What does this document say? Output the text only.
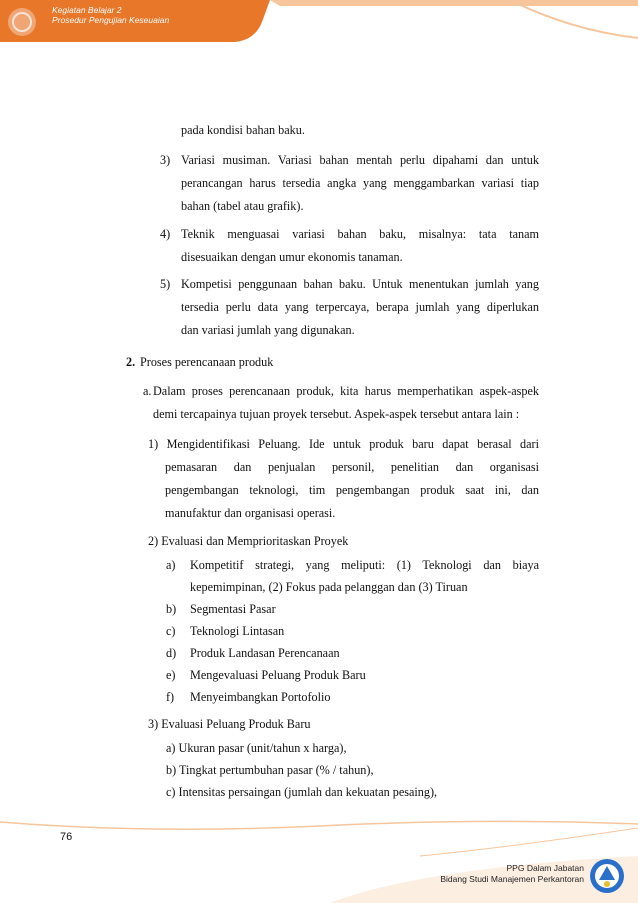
Kegiatan Belajar 2
Prosedur Pengujian Keseuaian
pada kondisi bahan baku.
3) Variasi musiman. Variasi bahan mentah perlu dipahami dan untuk
perancangan harus tersedia angka yang menggambarkan variasi tiap
bahan (tabel atau grafik).
4) Teknik menguasai variasi bahan baku, misalnya: tata tanam
disesuaikan dengan umur ekonomis tanaman.
5) Kompetisi penggunaan bahan baku. Untuk menentukan jumlah yang
tersedia perlu data yang terpercaya, berapa jumlah yang diperlukan
dan variasi jumlah yang digunakan.
2. Proses perencanaan produk
a. Dalam proses perencanaan produk, kita harus memperhatikan aspek-aspek
demi tercapainya tujuan proyek tersebut. Aspek-aspek tersebut antara lain :
1) Mengidentifikasi Peluang. Ide untuk produk baru dapat berasal dari
pemasaran dan penjualan personil, penelitian dan organisasi
pengembangan teknologi, tim pengembangan produk saat ini, dan
manufaktur dan organisasi operasi.
2) Evaluasi dan Memprioritaskan Proyek
a) Kompetitif strategi, yang meliputi: (1) Teknologi dan biaya
kepemimpinan, (2) Fokus pada pelanggan dan (3) Tiruan
b) Segmentasi Pasar
c) Teknologi Lintasan
d) Produk Landasan Perencanaan
e) Mengevaluasi Peluang Produk Baru
f) Menyeimbangkan Portofolio
3) Evaluasi Peluang Produk Baru
a) Ukuran pasar (unit/tahun x harga),
b) Tingkat pertumbuhan pasar (% / tahun),
c) Intensitas persaingan (jumlah dan kekuatan pesaing),
76
PPG Dalam Jabatan
Bidang Studi Manajemen Perkantoran
